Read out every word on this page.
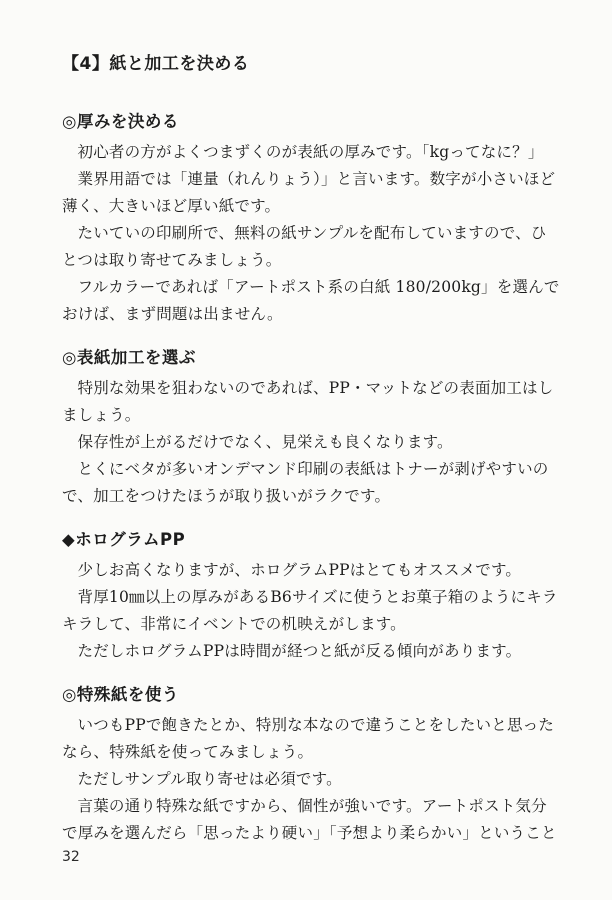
【4】紙と加工を決める
◎厚みを決める

初心者の方がよくつまずくのが表紙の厚みです。「kgってなに？」

業界用語では「連量（れんりょう）」と言います。数字が小さいほど薄く、大きいほど厚い紙です。

たいていの印刷所で、無料の紙サンプルを配布していますので、ひとつは取り寄せてみましょう。

フルカラーであれば「アートポスト系の白紙 180/200kg」を選んでおけば、まず問題は出ません。

◎表紙加工を選ぶ

特別な効果を狙わないのであれば、PP・マットなどの表面加工はしましょう。

保存性が上がるだけでなく、見栄えも良くなります。

とくにベタが多いオンデマンド印刷の表紙はトナーが剥げやすいので、加工をつけたほうが取り扱いがラクです。

◆ホログラムPP

少しお高くなりますが、ホログラムPPはとてもオススメです。

背厚10㎜以上の厚みがあるB6サイズに使うとお菓子箱のようにキラキラして、非常にイベントでの机映えがします。

ただしホログラムPPは時間が経つと紙が反る傾向があります。

◎特殊紙を使う

いつもPPで飽きたとか、特別な本なので違うことをしたいと思ったなら、特殊紙を使ってみましょう。

ただしサンプル取り寄せは必須です。

言葉の通り特殊な紙ですから、個性が強いです。アートポスト気分で厚みを選んだら「思ったより硬い」「予想より柔らかい」ということ

32
